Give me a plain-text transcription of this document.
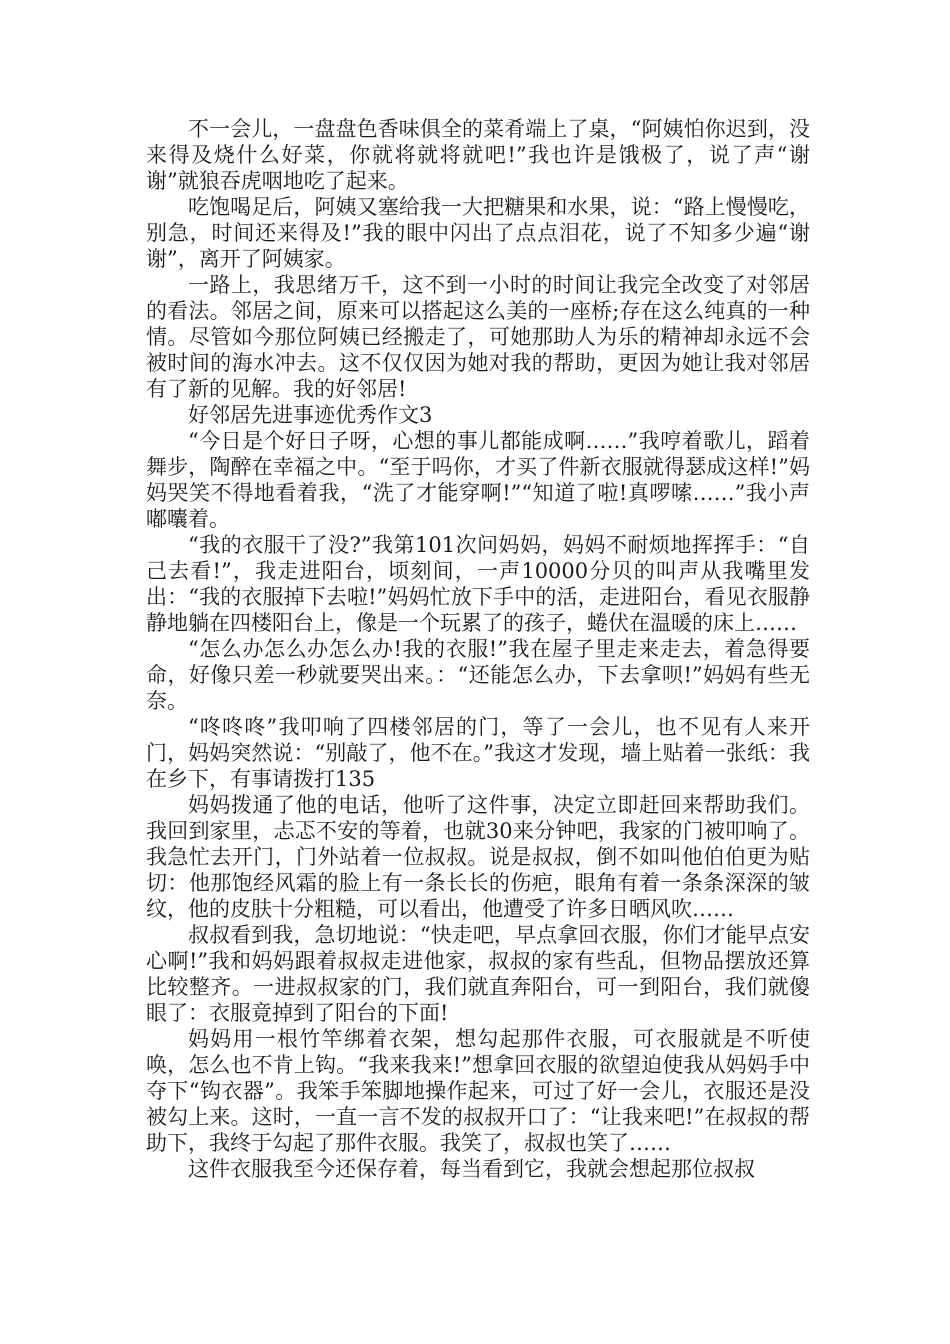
不一会儿，一盘盘色香味俱全的菜肴端上了桌，“阿姨怕你迟到，没来得及烧什么好菜，你就将就将就吧!”我也许是饿极了，说了声“谢谢”就狼吞虎咽地吃了起来。

吃饱喝足后，阿姨又塞给我一大把糖果和水果，说：“路上慢慢吃，别急，时间还来得及!”我的眼中闪出了点点泪花，说了不知多少遍“谢谢”，离开了阿姨家。

一路上，我思绪万千，这不到一小时的时间让我完全改变了对邻居的看法。邻居之间，原来可以搭起这么美的一座桥;存在这么纯真的一种情。尽管如今那位阿姨已经搬走了，可她那助人为乐的精神却永远不会被时间的海水冲去。这不仅仅因为她对我的帮助，更因为她让我对邻居有了新的见解。我的好邻居!

好邻居先进事迹优秀作文3

“今日是个好日子呀，心想的事儿都能成啊……”我哼着歌儿，蹈着舞步，陶醉在幸福之中。“至于吗你，才买了件新衣服就得瑟成这样!”妈妈哭笑不得地看着我，“洗了才能穿啊!”“知道了啦!真啰嗦……”我小声嘟囔着。

“我的衣服干了没?”我第101次问妈妈，妈妈不耐烦地挥挥手：“自己去看!”，我走进阳台，顷刻间，一声10000分贝的叫声从我嘴里发出：“我的衣服掉下去啦!”妈妈忙放下手中的活，走进阳台，看见衣服静静地躺在四楼阳台上，像是一个玩累了的孩子，蜷伏在温暖的床上……

“怎么办怎么办怎么办!我的衣服!”我在屋子里走来走去，着急得要命，好像只差一秒就要哭出来。：“还能怎么办，下去拿呗!”妈妈有些无奈。

“咚咚咚”我叩响了四楼邻居的门，等了一会儿，也不见有人来开门，妈妈突然说：“别敲了，他不在。”我这才发现，墙上贴着一张纸：我在乡下，有事请拨打135

妈妈拨通了他的电话，他听了这件事，决定立即赶回来帮助我们。我回到家里，忐忑不安的等着，也就30来分钟吧，我家的门被叩响了。我急忙去开门，门外站着一位叔叔。说是叔叔，倒不如叫他伯伯更为贴切：他那饱经风霜的脸上有一条长长的伤疤，眼角有着一条条深深的皱纹，他的皮肤十分粗糙，可以看出，他遭受了许多日晒风吹……

叔叔看到我，急切地说：“快走吧，早点拿回衣服，你们才能早点安心啊!”我和妈妈跟着叔叔走进他家，叔叔的家有些乱，但物品摆放还算比较整齐。一进叔叔家的门，我们就直奔阳台，可一到阳台，我们就傻眼了：衣服竟掉到了阳台的下面!

妈妈用一根竹竿绑着衣架，想勾起那件衣服，可衣服就是不听使唤，怎么也不肯上钩。“我来我来!”想拿回衣服的欲望迫使我从妈妈手中夺下“钩衣器”。我笨手笨脚地操作起来，可过了好一会儿，衣服还是没被勾上来。这时，一直一言不发的叔叔开口了：“让我来吧!”在叔叔的帮助下，我终于勾起了那件衣服。我笑了，叔叔也笑了……

这件衣服我至今还保存着，每当看到它，我就会想起那位叔叔
